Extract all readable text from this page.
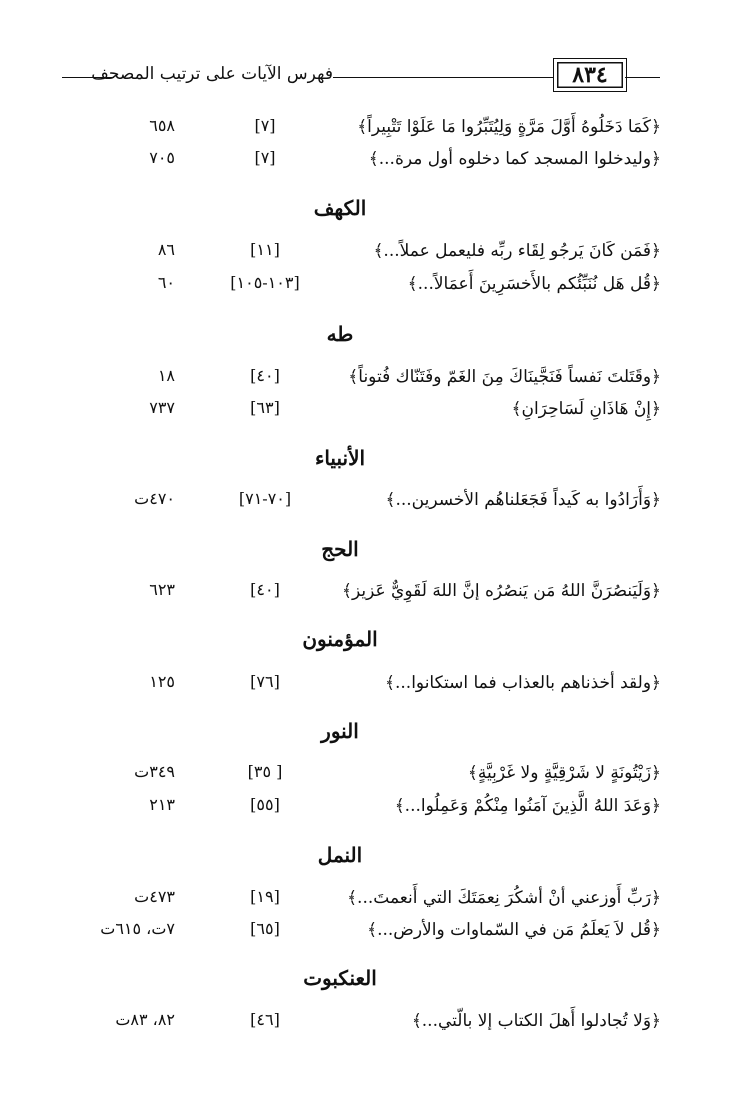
فهرس الآيات على ترتيب المصحف	٨٣٤
﴿كَمَا دَخَلُوهُ أَوَّلَ مَرَّةٍ وَلِيُتَبِّرُوا مَا عَلَوْا تَتْبِيراً﴾
[٧]
٦٥٨
﴿وليدخلوا المسجد كما دخلوه أول مرة...﴾
[٧]
٧٠٥
الكهف
﴿فَمَن كَانَ يَرجُو لِقَاء ربِّه فليعمل عملاً...﴾
[١١]
٨٦
﴿قُل هَل نُنَبِّئُكم بالأَخسَرِينَ أَعمَالاً...﴾
[١٠٣-١٠٥]
٦٠
طه
﴿وقَتَلتَ نَفساً فَنَجَّينَاكَ مِنَ الغَمّ وفَتَنّاك فُتوناً﴾
[٤٠]
١٨
﴿إِنْ هَاذَانِ لَسَاحِرَانِ﴾
[٦٣]
٧٣٧
الأنبياء
﴿وَأَرَادُوا به كَيداً فَجَعَلناهُم الأخسرين...﴾
[٧٠-٧١]
٤٧٠ت
الحج
﴿وَلَيَنصُرَنَّ اللهُ مَن يَنصُرُه إنَّ اللهَ لَقَوِيٌّ عَزيز﴾
[٤٠]
٦٢٣
المؤمنون
﴿ولقد أخذناهم بالعذاب فما استكانوا...﴾
[٧٦]
١٢٥
النور
﴿زَيْتُونَةٍ لا شَرْقِيَّةٍ ولا غَرْبِيَّةٍ﴾
[ ٣٥]
٣٤٩ت
﴿وَعَدَ اللهُ الَّذِينَ آمَنُوا مِنْكُمْ وَعَمِلُوا...﴾
[٥٥]
٢١٣
النمل
﴿رَبِّ أَوزعني أنْ أشكُرَ نِعمَتَكَ التي أَنعمتَ...﴾
[١٩]
٤٧٣ت
﴿قُل لاَ يَعلَمُ مَن في السّماوات والأرض...﴾
[٦٥]
٧ت، ٦١٥ت
العنكبوت
﴿وَلا تُجادلوا أَهلَ الكتاب إلا بالّتي...﴾
[٤٦]
٨٢، ٨٣ت
